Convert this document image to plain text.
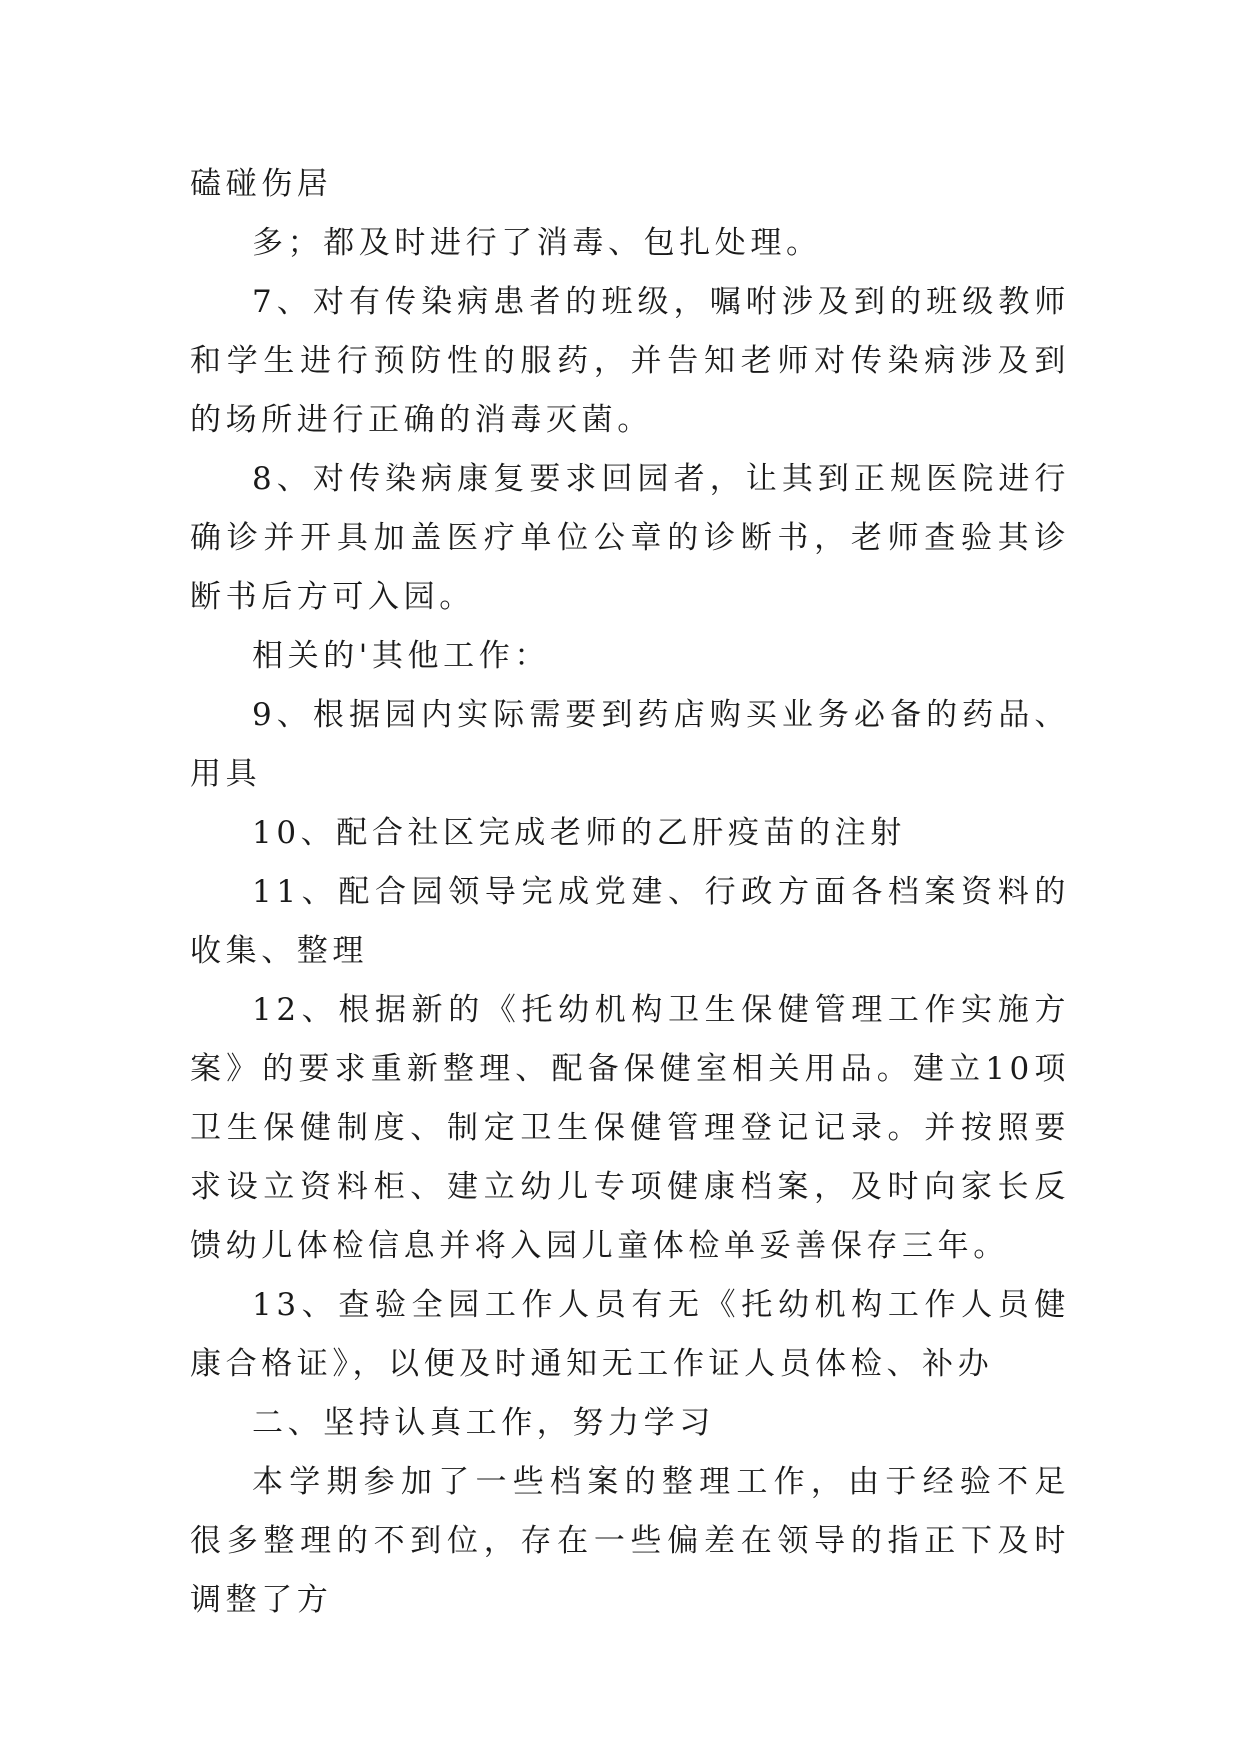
磕碰伤居

多；都及时进行了消毒、包扎处理。

7、对有传染病患者的班级，嘱咐涉及到的班级教师和学生进行预防性的服药，并告知老师对传染病涉及到的场所进行正确的消毒灭菌。

8、对传染病康复要求回园者，让其到正规医院进行确诊并开具加盖医疗单位公章的诊断书，老师查验其诊断书后方可入园。

相关的'其他工作：

9、根据园内实际需要到药店购买业务必备的药品、用具

10、配合社区完成老师的乙肝疫苗的注射

11、配合园领导完成党建、行政方面各档案资料的收集、整理

12、根据新的《托幼机构卫生保健管理工作实施方案》的要求重新整理、配备保健室相关用品。建立10项卫生保健制度、制定卫生保健管理登记记录。并按照要求设立资料柜、建立幼儿专项健康档案，及时向家长反馈幼儿体检信息并将入园儿童体检单妥善保存三年。

13、查验全园工作人员有无《托幼机构工作人员健康合格证》，以便及时通知无工作证人员体检、补办

二、坚持认真工作，努力学习

本学期参加了一些档案的整理工作，由于经验不足很多整理的不到位，存在一些偏差在领导的指正下及时调整了方
